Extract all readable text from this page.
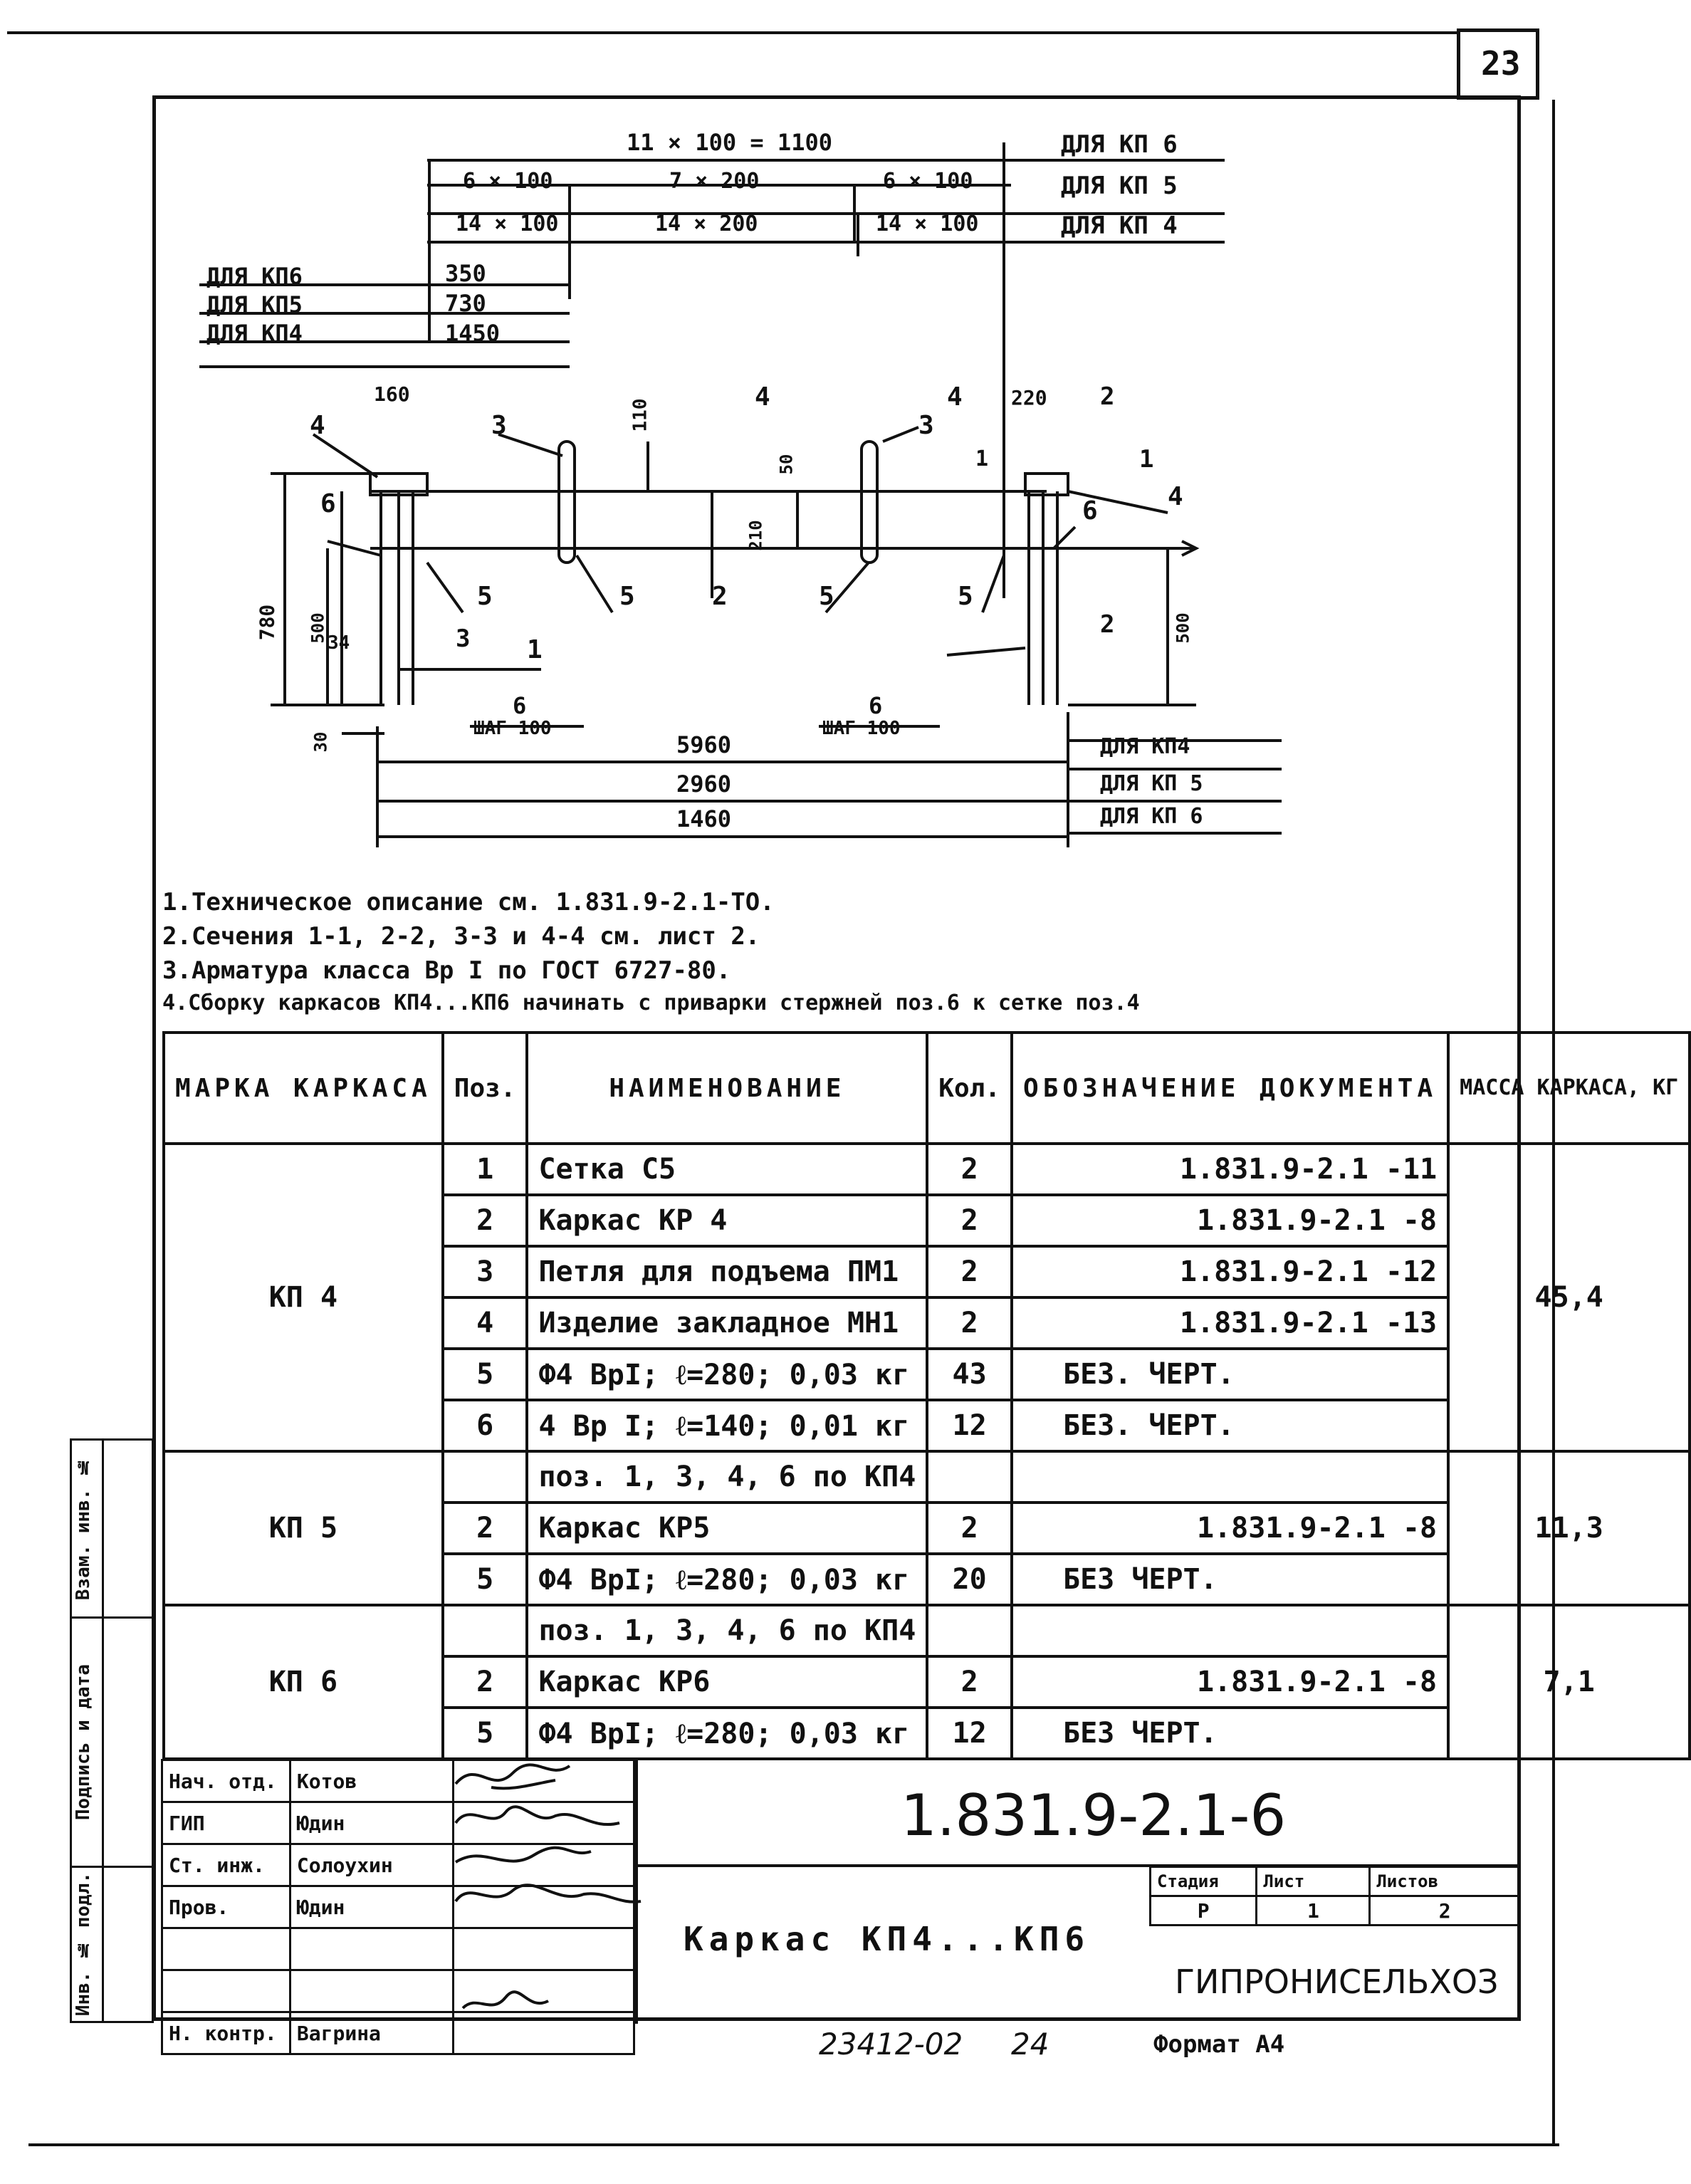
23
11 × 100 = 1100
6 × 100	7 × 200	6 × 100
14 × 100	14 × 200	14 × 100
ДЛЯ КП 6
ДЛЯ КП 5
ДЛЯ КП 4
ДЛЯ КП6
ДЛЯ КП5
ДЛЯ КП4
350
730
1450
160
110
50
210
220
780 500 34
30
500
4	3
6
5	5	2	5	5
3
4
6
1
6	6
ШАГ 100	ШАГ 100
4	4
1
2
1
3	2
5960
2960
1460
ДЛЯ КП4
ДЛЯ КП 5
ДЛЯ КП 6
1.Техническое описание см. 1.831.9-2.1-ТО.
2.Сечения 1-1, 2-2, 3-3 и 4-4 см. лист 2.
3.Арматура класса Вр I по ГОСТ 6727-80.
4.Сборку каркасов КП4...КП6 начинать с приварки стержней поз.6 к сетке поз.4
МАРКА КАРКАСА	Поз.	НАИМЕНОВАНИЕ	Кол.	ОБОЗНАЧЕНИЕ ДОКУМЕНТА	МАССА КАРКАСА, КГ
КП 4	1	Сетка С5	2	1.831.9-2.1 -11	45,4
	2	Каркас КР 4	2	1.831.9-2.1 -8	
	3	Петля для подъема ПМ1	2	1.831.9-2.1 -12	
	4	Изделие закладное МН1	2	1.831.9-2.1 -13	
	5	Ф4 ВрI; ℓ=280; 0,03 кг	43	БЕЗ. ЧЕРТ.	
	6	4 Вр I; ℓ=140; 0,01 кг	12	БЕЗ. ЧЕРТ.	
КП 5		поз. 1, 3, 4, 6 по КП4			11,3
	2	Каркас КР5	2	1.831.9-2.1 -8	
	5	Ф4 ВрI; ℓ=280; 0,03 кг	20	БЕЗ ЧЕРТ.	
КП 6		поз. 1, 3, 4, 6 по КП4			7,1
	2	Каркас КР6	2	1.831.9-2.1 -8	
	5	Ф4 ВрI; ℓ=280; 0,03 кг	12	БЕЗ ЧЕРТ.	
Взам. инв. №	

Подпись и дата	

Инв. № подл.	

Нач. отд.	Котов	
ГИП	Юдин	
Ст. инж.	Солоухин	
Пров.	Юдин	

Н. контр.	Вагрина	
1.831.9-2.1-6
Каркас КП4...КП6
Стадия	Лист	Листов
Р	1	2
ГИПРОНИСЕЛЬХОЗ
23412-02 24	Формат А4
